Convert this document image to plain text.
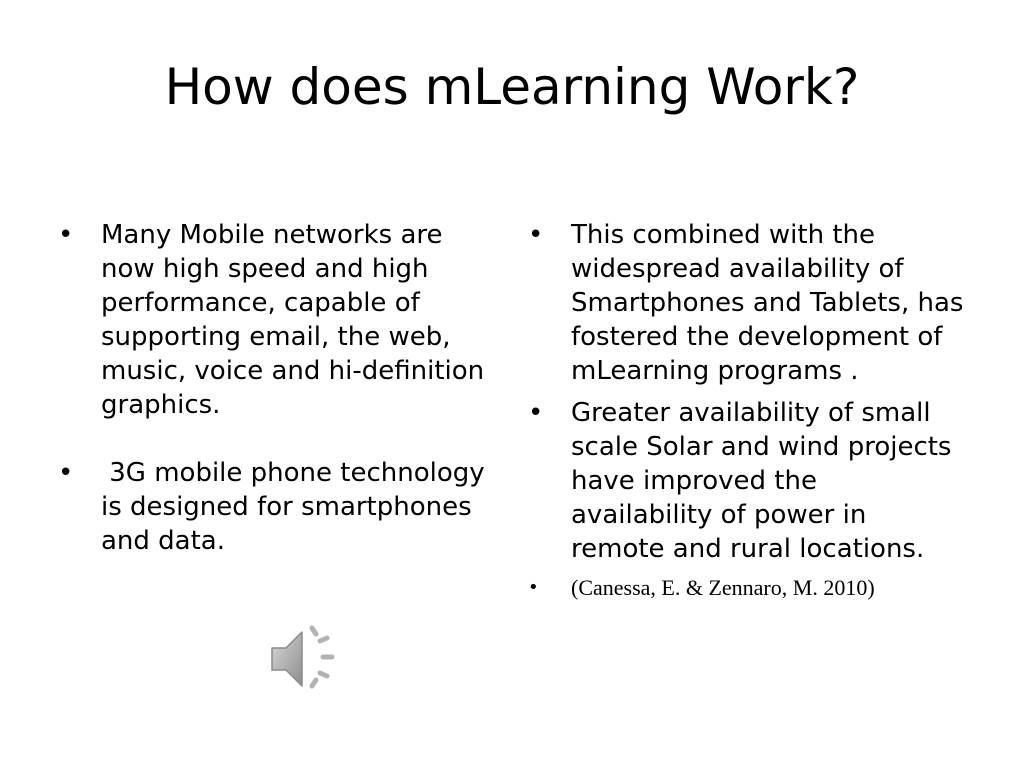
How does mLearning Work?
• Many Mobile networks are now high speed and high performance, capable of supporting email, the web, music, voice and hi-definition graphics.
• 3G mobile phone technology is designed for smartphones and data.
• This combined with the widespread availability of Smartphones and Tablets, has fostered the development of mLearning programs .
• Greater availability of small scale Solar and wind projects have improved the availability of power in remote and rural locations.
•	(Canessa, E. & Zennaro, M. 2010)
